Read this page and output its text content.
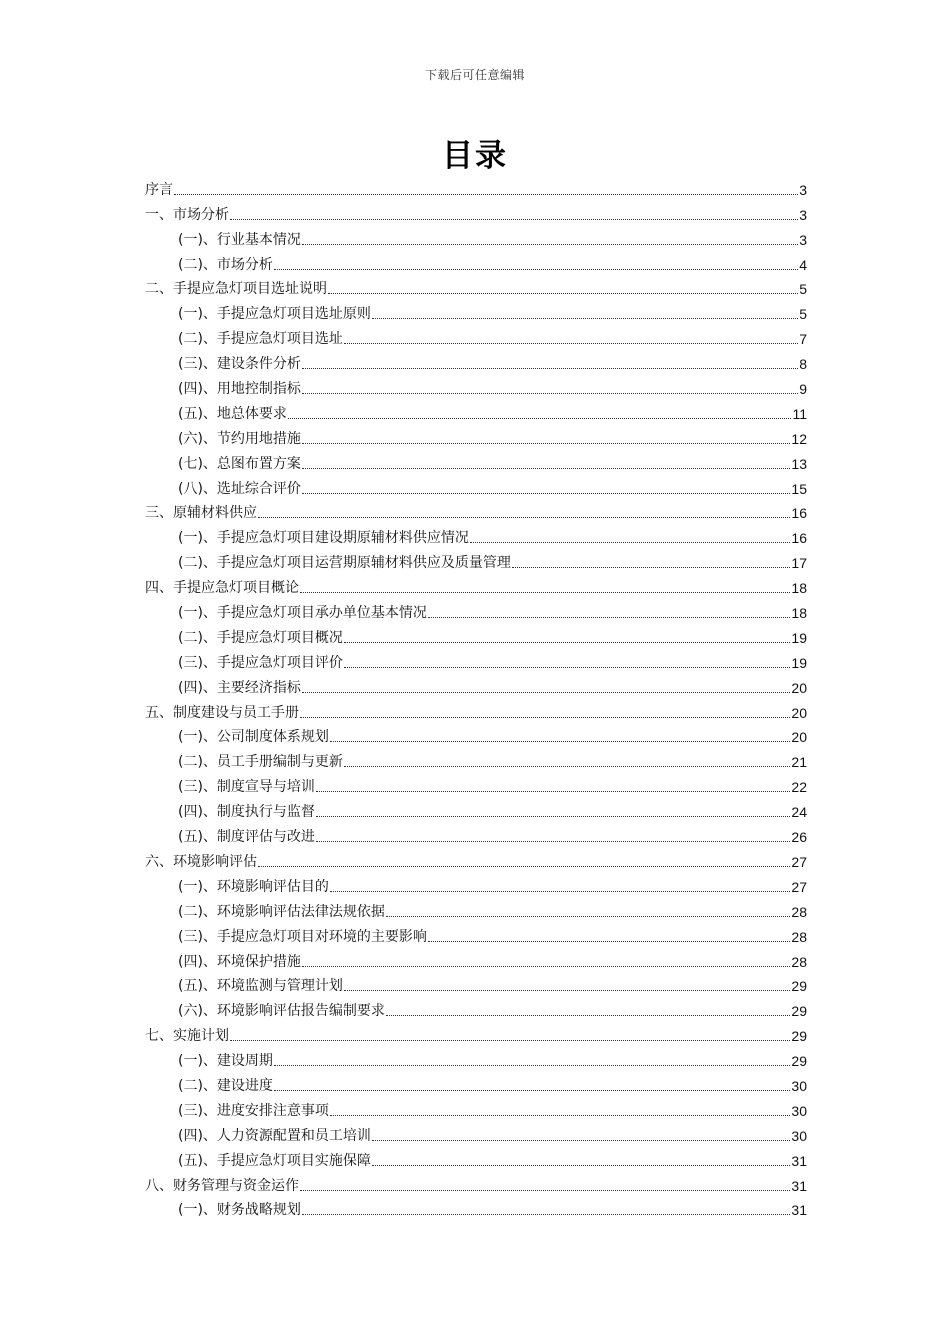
下载后可任意编辑
目录
序言	3
一、市场分析	3
(一)、行业基本情况	3
(二)、市场分析	4
二、手提应急灯项目选址说明	5
(一)、手提应急灯项目选址原则	5
(二)、手提应急灯项目选址	7
(三)、建设条件分析	8
(四)、用地控制指标	9
(五)、地总体要求	11
(六)、节约用地措施	12
(七)、总图布置方案	13
(八)、选址综合评价	15
三、原辅材料供应	16
(一)、手提应急灯项目建设期原辅材料供应情况	16
(二)、手提应急灯项目运营期原辅材料供应及质量管理	17
四、手提应急灯项目概论	18
(一)、手提应急灯项目承办单位基本情况	18
(二)、手提应急灯项目概况	19
(三)、手提应急灯项目评价	19
(四)、主要经济指标	20
五、制度建设与员工手册	20
(一)、公司制度体系规划	20
(二)、员工手册编制与更新	21
(三)、制度宣导与培训	22
(四)、制度执行与监督	24
(五)、制度评估与改进	26
六、环境影响评估	27
(一)、环境影响评估目的	27
(二)、环境影响评估法律法规依据	28
(三)、手提应急灯项目对环境的主要影响	28
(四)、环境保护措施	28
(五)、环境监测与管理计划	29
(六)、环境影响评估报告编制要求	29
七、实施计划	29
(一)、建设周期	29
(二)、建设进度	30
(三)、进度安排注意事项	30
(四)、人力资源配置和员工培训	30
(五)、手提应急灯项目实施保障	31
八、财务管理与资金运作	31
(一)、财务战略规划	31
